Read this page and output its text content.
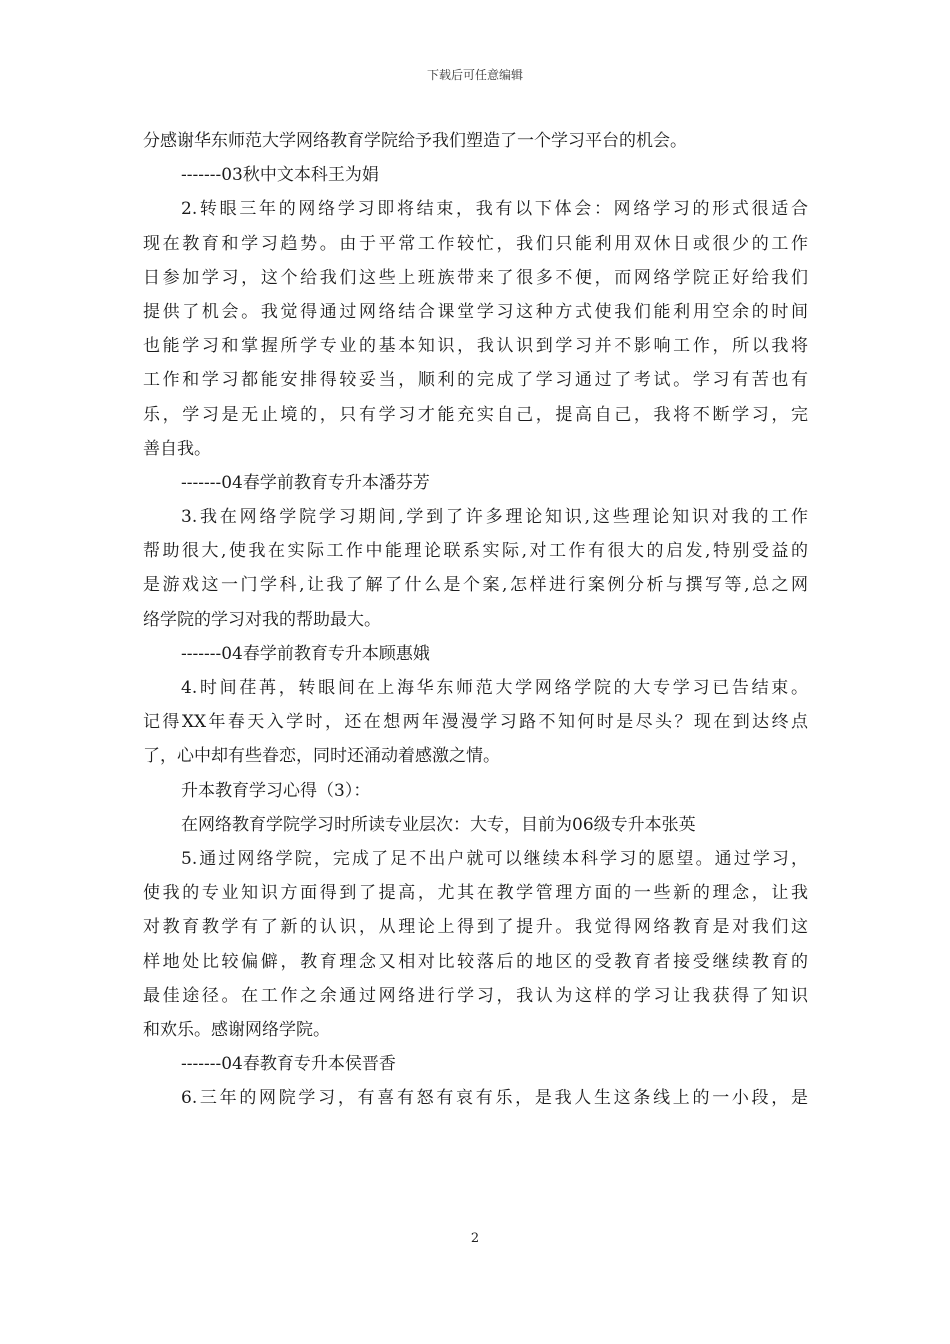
下载后可任意编辑
分感谢华东师范大学网络教育学院给予我们塑造了一个学习平台的机会。
-------03秋中文本科王为娟
2.转眼三年的网络学习即将结束，我有以下体会：网络学习的形式很适合
现在教育和学习趋势。由于平常工作较忙，我们只能利用双休日或很少的工作
日参加学习，这个给我们这些上班族带来了很多不便，而网络学院正好给我们
提供了机会。我觉得通过网络结合课堂学习这种方式使我们能利用空余的时间
也能学习和掌握所学专业的基本知识，我认识到学习并不影响工作，所以我将
工作和学习都能安排得较妥当，顺利的完成了学习通过了考试。学习有苦也有
乐，学习是无止境的，只有学习才能充实自己，提高自己，我将不断学习，完
善自我。
-------04春学前教育专升本潘芬芳
3.我在网络学院学习期间,学到了许多理论知识,这些理论知识对我的工作
帮助很大,使我在实际工作中能理论联系实际,对工作有很大的启发,特别受益的
是游戏这一门学科,让我了解了什么是个案,怎样进行案例分析与撰写等,总之网
络学院的学习对我的帮助最大。
-------04春学前教育专升本顾惠娥
4.时间荏苒，转眼间在上海华东师范大学网络学院的大专学习已告结束。
记得XX年春天入学时，还在想两年漫漫学习路不知何时是尽头？现在到达终点
了，心中却有些眷恋，同时还涌动着感激之情。
升本教育学习心得（3）：
在网络教育学院学习时所读专业层次：大专，目前为06级专升本张英
5.通过网络学院，完成了足不出户就可以继续本科学习的愿望。通过学习，
使我的专业知识方面得到了提高，尤其在教学管理方面的一些新的理念，让我
对教育教学有了新的认识，从理论上得到了提升。我觉得网络教育是对我们这
样地处比较偏僻，教育理念又相对比较落后的地区的受教育者接受继续教育的
最佳途径。在工作之余通过网络进行学习，我认为这样的学习让我获得了知识
和欢乐。感谢网络学院。
-------04春教育专升本侯晋香
6.三年的网院学习，有喜有怒有哀有乐，是我人生这条线上的一小段，是
2
